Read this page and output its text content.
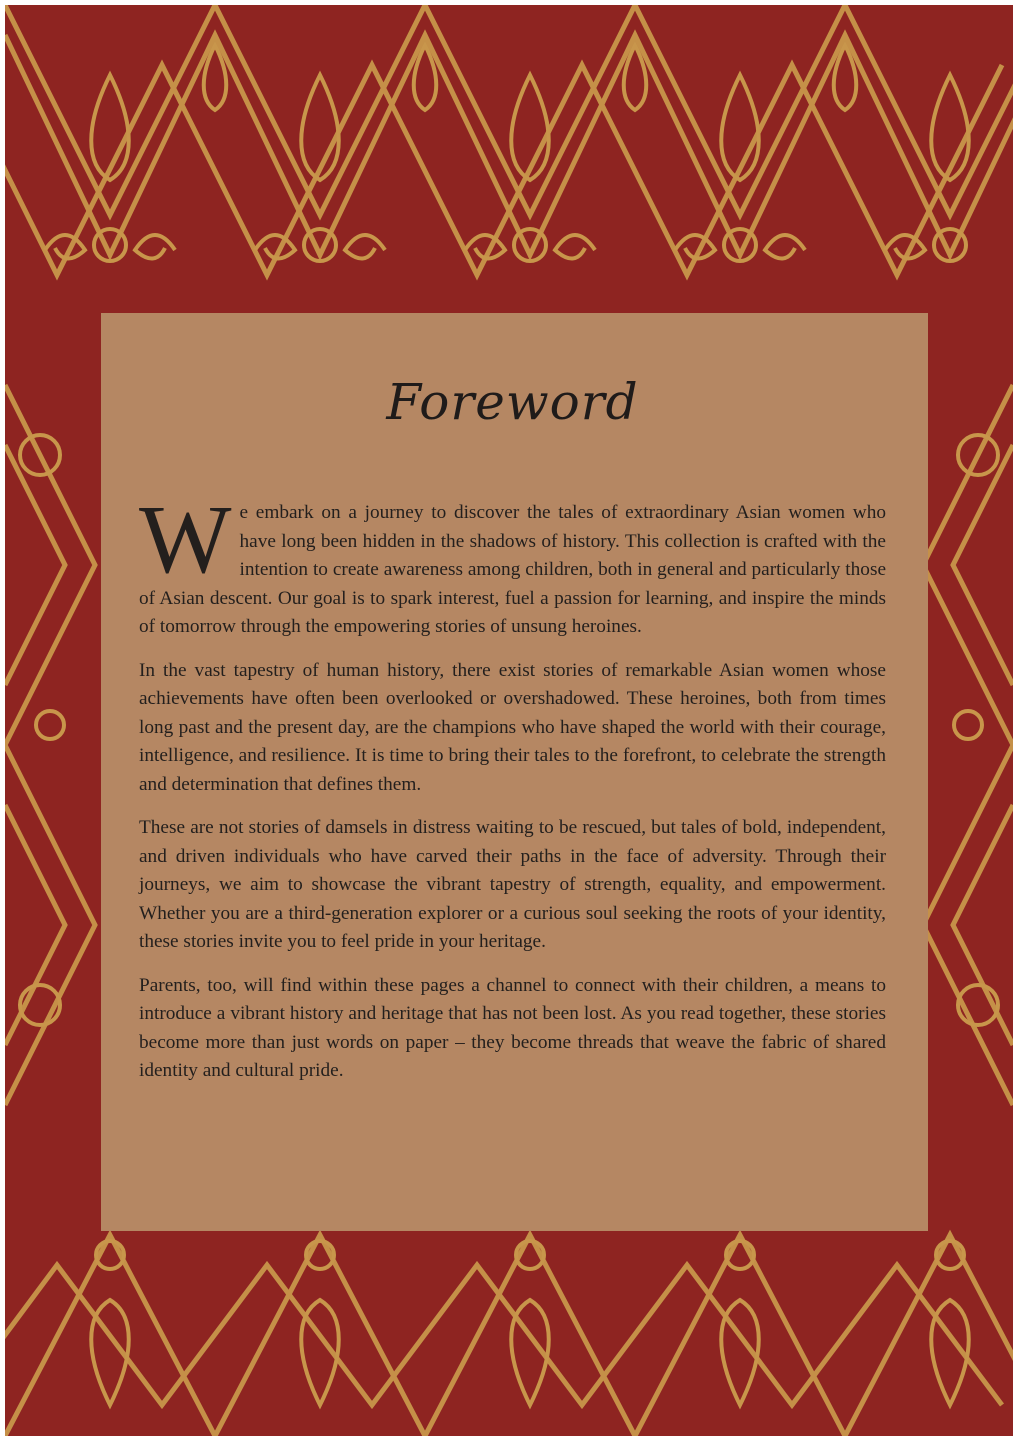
Foreword

We embark on a journey to discover the tales of extraordinary Asian women who have long been hidden in the shadows of history. This collection is crafted with the intention to create awareness among children, both in general and particularly those of Asian descent. Our goal is to spark interest, fuel a passion for learning, and inspire the minds of tomorrow through the empowering stories of unsung heroines.

In the vast tapestry of human history, there exist stories of remarkable Asian women whose achievements have often been overlooked or overshadowed. These heroines, both from times long past and the present day, are the champions who have shaped the world with their courage, intelligence, and resilience. It is time to bring their tales to the forefront, to celebrate the strength and determination that defines them.

These are not stories of damsels in distress waiting to be rescued, but tales of bold, independent, and driven individuals who have carved their paths in the face of adversity. Through their journeys, we aim to showcase the vibrant tapestry of strength, equality, and empowerment. Whether you are a third-generation explorer or a curious soul seeking the roots of your identity, these stories invite you to feel pride in your heritage.

Parents, too, will find within these pages a channel to connect with their children, a means to introduce a vibrant history and heritage that has not been lost. As you read together, these stories become more than just words on paper – they become threads that weave the fabric of shared identity and cultural pride.
